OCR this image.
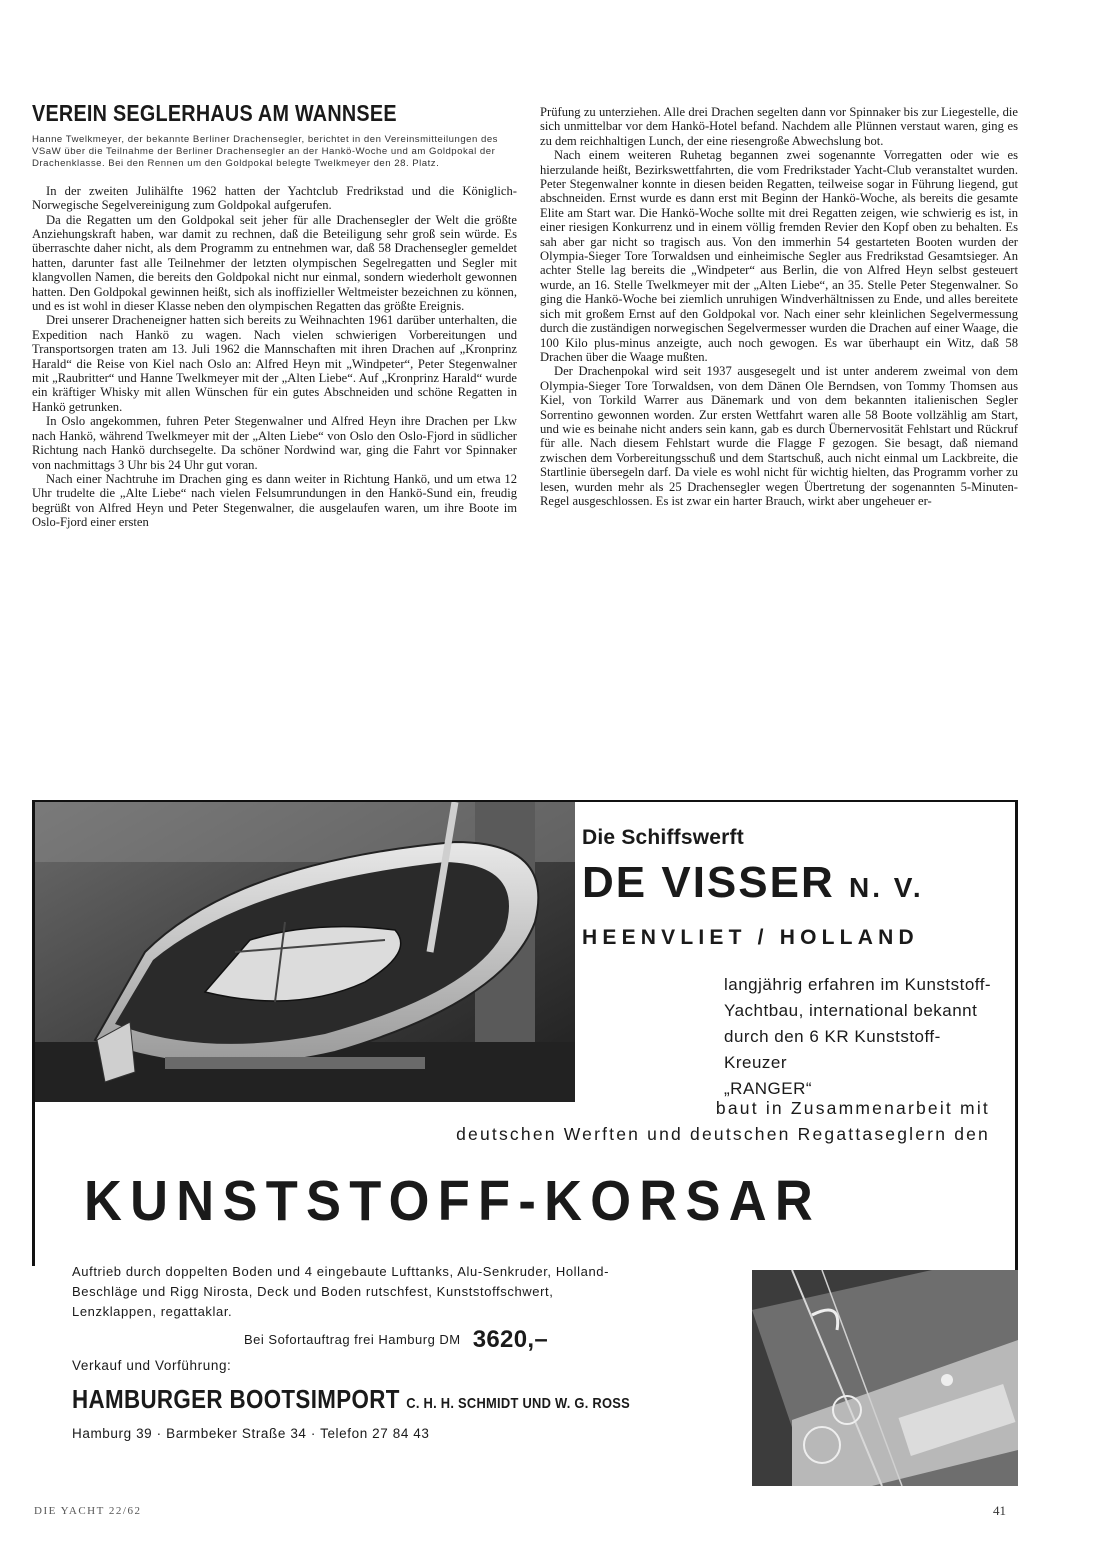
VEREIN SEGLERHAUS AM WANNSEE
Hanne Twelkmeyer, der bekannte Berliner Drachensegler, berichtet in den Vereinsmitteilungen des VSaW über die Teilnahme der Berliner Drachensegler an der Hankö-Woche und am Goldpokal der Drachenklasse. Bei den Rennen um den Goldpokal belegte Twelkmeyer den 28. Platz.

In der zweiten Julihälfte 1962 hatten der Yachtclub Fredrikstad und die Königlich-Norwegische Segelvereinigung zum Goldpokal aufgerufen.

Da die Regatten um den Goldpokal seit jeher für alle Drachensegler der Welt die größte Anziehungskraft haben, war damit zu rechnen, daß die Beteiligung sehr groß sein würde. Es überraschte daher nicht, als dem Programm zu entnehmen war, daß 58 Drachensegler gemeldet hatten, darunter fast alle Teilnehmer der letzten olympischen Segelregatten und Segler mit klangvollen Namen, die bereits den Goldpokal nicht nur einmal, sondern wiederholt gewonnen hatten. Den Goldpokal gewinnen heißt, sich als inoffizieller Weltmeister bezeichnen zu können, und es ist wohl in dieser Klasse neben den olympischen Regatten das größte Ereignis.

Drei unserer Dracheneigner hatten sich bereits zu Weihnachten 1961 darüber unterhalten, die Expedition nach Hankö zu wagen. Nach vielen schwierigen Vorbereitungen und Transportsorgen traten am 13. Juli 1962 die Mannschaften mit ihren Drachen auf „Kronprinz Harald“ die Reise von Kiel nach Oslo an: Alfred Heyn mit „Windpeter“, Peter Stegenwalner mit „Raubritter“ und Hanne Twelkmeyer mit der „Alten Liebe“. Auf „Kronprinz Harald“ wurde ein kräftiger Whisky mit allen Wünschen für ein gutes Abschneiden und schöne Regatten in Hankö getrunken.

In Oslo angekommen, fuhren Peter Stegenwalner und Alfred Heyn ihre Drachen per Lkw nach Hankö, während Twelkmeyer mit der „Alten Liebe“ von Oslo den Oslo-Fjord in südlicher Richtung nach Hankö durchsegelte. Da schöner Nordwind war, ging die Fahrt vor Spinnaker von nachmittags 3 Uhr bis 24 Uhr gut voran.

Nach einer Nachtruhe im Drachen ging es dann weiter in Richtung Hankö, und um etwa 12 Uhr trudelte die „Alte Liebe“ nach vielen Felsumrundungen in den Hankö-Sund ein, freudig begrüßt von Alfred Heyn und Peter Stegenwalner, die ausgelaufen waren, um ihre Boote im Oslo-Fjord einer ersten

Prüfung zu unterziehen. Alle drei Drachen segelten dann vor Spinnaker bis zur Liegestelle, die sich unmittelbar vor dem Hankö-Hotel befand. Nachdem alle Plünnen verstaut waren, ging es zu dem reichhaltigen Lunch, der eine riesengroße Abwechslung bot.

Nach einem weiteren Ruhetag begannen zwei sogenannte Vorregatten oder wie es hierzulande heißt, Bezirkswettfahrten, die vom Fredrikstader Yacht-Club veranstaltet wurden. Peter Stegenwalner konnte in diesen beiden Regatten, teilweise sogar in Führung liegend, gut abschneiden. Ernst wurde es dann erst mit Beginn der Hankö-Woche, als bereits die gesamte Elite am Start war. Die Hankö-Woche sollte mit drei Regatten zeigen, wie schwierig es ist, in einer riesigen Konkurrenz und in einem völlig fremden Revier den Kopf oben zu behalten. Es sah aber gar nicht so tragisch aus. Von den immerhin 54 gestarteten Booten wurden der Olympia-Sieger Tore Torwaldsen und einheimische Segler aus Fredrikstad Gesamtsieger. An achter Stelle lag bereits die „Windpeter“ aus Berlin, die von Alfred Heyn selbst gesteuert wurde, an 16. Stelle Twelkmeyer mit der „Alten Liebe“, an 35. Stelle Peter Stegenwalner. So ging die Hankö-Woche bei ziemlich unruhigen Windverhältnissen zu Ende, und alles bereitete sich mit großem Ernst auf den Goldpokal vor. Nach einer sehr kleinlichen Segelvermessung durch die zuständigen norwegischen Segelvermesser wurden die Drachen auf einer Waage, die 100 Kilo plus-minus anzeigte, auch noch gewogen. Es war überhaupt ein Witz, daß 58 Drachen über die Waage mußten.

Der Drachenpokal wird seit 1937 ausgesegelt und ist unter anderem zweimal von dem Olympia-Sieger Tore Torwaldsen, von dem Dänen Ole Berndsen, von Tommy Thomsen aus Kiel, von Torkild Warrer aus Dänemark und von dem bekannten italienischen Segler Sorrentino gewonnen worden. Zur ersten Wettfahrt waren alle 58 Boote vollzählig am Start, und wie es beinahe nicht anders sein kann, gab es durch Übernervosität Fehlstart und Rückruf für alle. Nach diesem Fehlstart wurde die Flagge F gezogen. Sie besagt, daß niemand zwischen dem Vorbereitungsschuß und dem Startschuß, auch nicht einmal um Lackbreite, die Startlinie übersegeln darf. Da viele es wohl nicht für wichtig hielten, das Programm vorher zu lesen, wurden mehr als 25 Drachensegler wegen Übertretung der sogenannten 5-Minuten-Regel ausgeschlossen. Es ist zwar ein harter Brauch, wirkt aber ungeheuer er-

Die Schiffswerft
DE VISSER N. V.
HEENVLIET / HOLLAND
langjährig erfahren im Kunststoff-
Yachtbau, international bekannt
durch den 6 KR Kunststoff-Kreuzer
„RANGER“
baut in Zusammenarbeit mit
deutschen Werften und deutschen Regattaseglern den
KUNSTSTOFF-KORSAR
Auftrieb durch doppelten Boden und 4 eingebaute Lufttanks, Alu-Senkruder, Holland-Beschläge und Rigg Nirosta, Deck und Boden rutschfest, Kunststoffschwert, Lenzklappen, regattaklar.
Bei Sofortauftrag frei Hamburg DM 3620,–
Verkauf und Vorführung:
HAMBURGER BOOTSIMPORT C. H. H. SCHMIDT UND W. G. ROSS
Hamburg 39 · Barmbeker Straße 34 · Telefon 27 84 43
DIE YACHT 22/62	41
